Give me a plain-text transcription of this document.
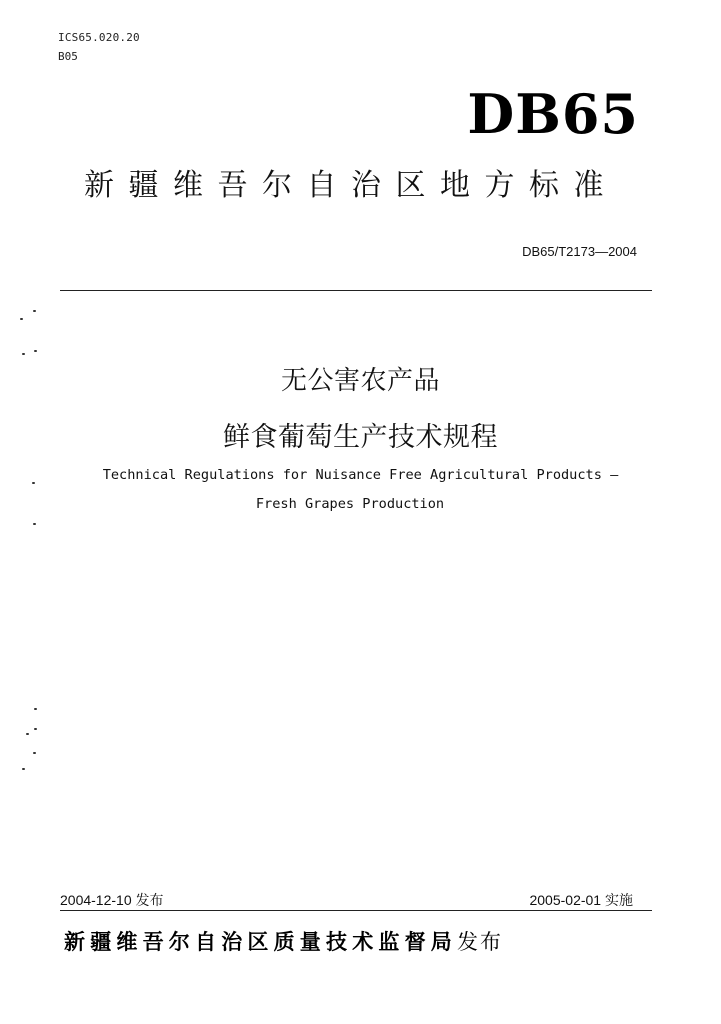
ICS65.020.20
B05
DB65
新疆维吾尔自治区地方标准
DB65/T2173—2004
无公害农产品
鲜食葡萄生产技术规程
Technical Regulations for Nuisance Free Agricultural Products —
Fresh Grapes Production
2004-12-10 发布	2005-02-01 实施
新疆维吾尔自治区质量技术监督局发布
